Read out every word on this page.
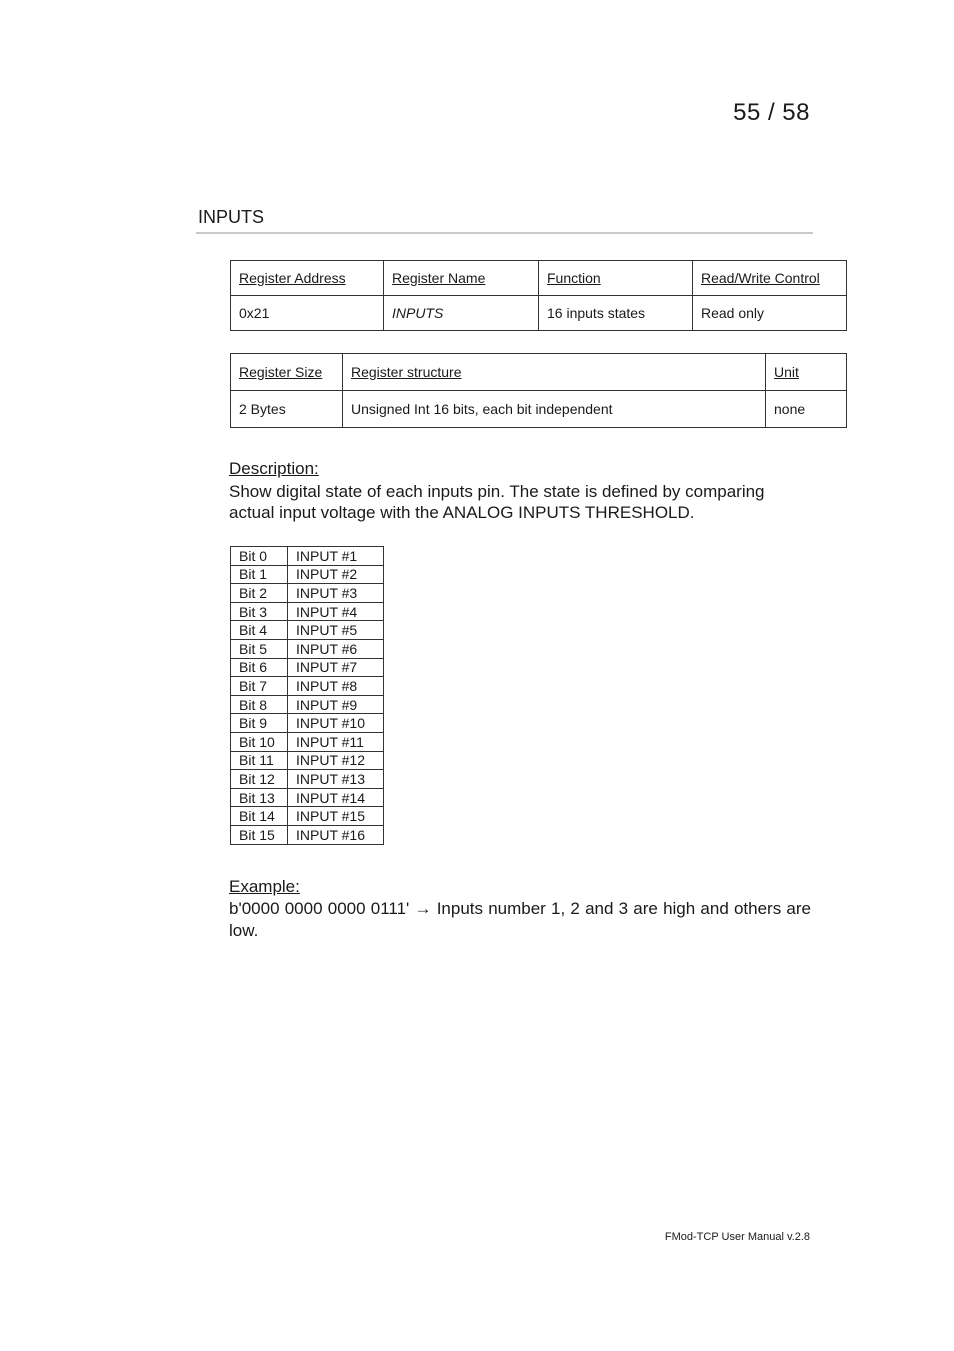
55 / 58
INPUTS
Register Address	Register Name	Function	Read/Write Control
0x21	INPUTS	16 inputs states	Read only
Register Size	Register structure	Unit
2 Bytes	Unsigned Int 16 bits, each bit independent	none
Description:
Show digital state of each inputs pin. The state is defined by comparing actual input voltage with the ANALOG INPUTS THRESHOLD.
Bit 0	INPUT #1
Bit 1	INPUT #2
Bit 2	INPUT #3
Bit 3	INPUT #4
Bit 4	INPUT #5
Bit 5	INPUT #6
Bit 6	INPUT #7
Bit 7	INPUT #8
Bit 8	INPUT #9
Bit 9	INPUT #10
Bit 10	INPUT #11
Bit 11	INPUT #12
Bit 12	INPUT #13
Bit 13	INPUT #14
Bit 14	INPUT #15
Bit 15	INPUT #16
Example:
b'0000 0000 0000 0111' → Inputs number 1, 2 and 3 are high and others are low.
FMod-TCP User Manual v.2.8
